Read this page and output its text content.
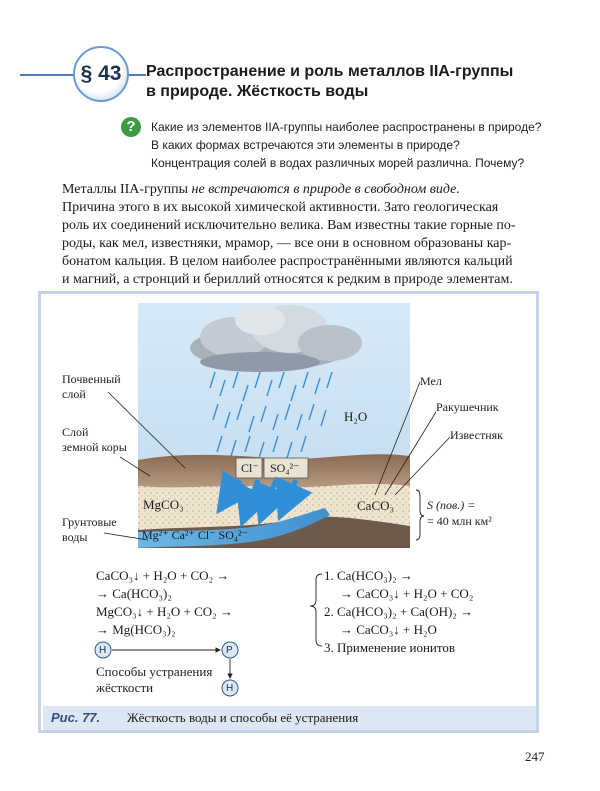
§ 43 Распространение и роль металлов IIA-группы
в природе. Жёсткость воды
?	Какие из элементов IIA-группы наиболее распространены в природе?
В каких формах встречаются эти элементы в природе?
Концентрация солей в водах различных морей различна. Почему?
Металлы IIA-группы не встречаются в природе в свободном виде.
Причина этого в их высокой химической активности. Зато геологическая
роль их соединений исключительно велика. Вам известны такие горные по-
роды, как мел, известняки, мрамор, — все они в основном образованы кар-
бонатом кальция. В целом наиболее распространёнными являются кальций
и магний, а стронций и бериллий относятся к редким в природе элементам.
Почвенный
слой
Слой
земной коры
Грунтовые
воды
Мел
Ракушечник
Известняк
S (пов.) =
= 40 млн км²
H₂O
Cl⁻ SO₄²⁻
MgCO₃	CaCO₃
Mg²⁺ Ca²⁺ Cl⁻ SO₄²⁻
CaCO₃↓ + H₂O + CO₂ →
→ Ca(HCO₃)₂
MgCO₃↓ + H₂O + CO₂ →
→ Mg(HCO₃)₂
1. Ca(HCO₃)₂ →
→ CaCO₃↓ + H₂O + CO₂
2. Ca(HCO₃)₂ + Ca(OH)₂ →
→ CaCO₃↓ + H₂O
3. Применение ионитов
H	P
H
Способы устранения
жёсткости
Рис. 77. Жёсткость воды и способы её устранения
247
